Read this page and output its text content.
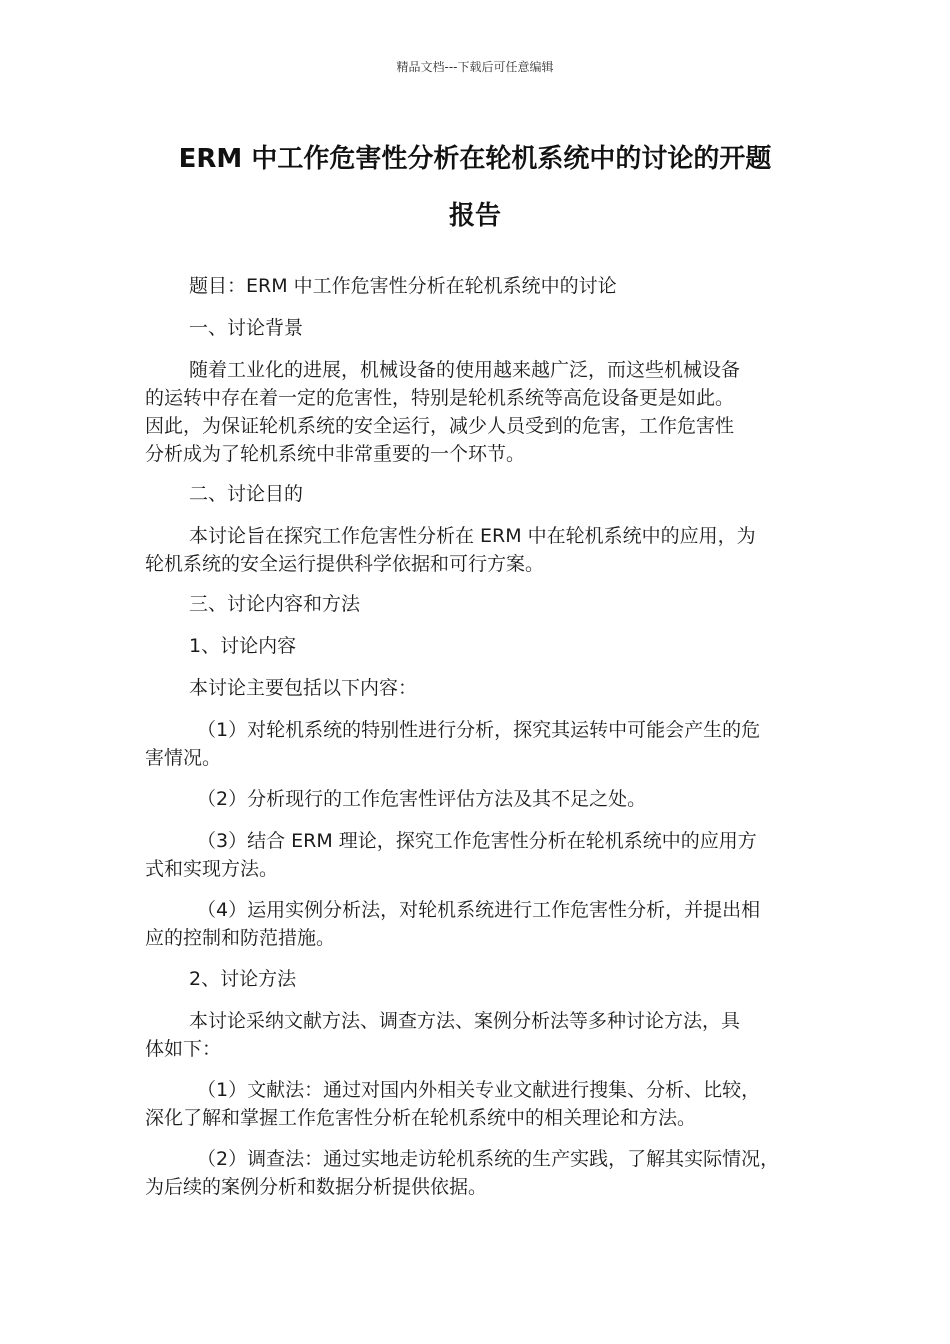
精品文档---下载后可任意编辑
ERM 中工作危害性分析在轮机系统中的讨论的开题
报告
题目：ERM 中工作危害性分析在轮机系统中的讨论
一、讨论背景
随着工业化的进展，机械设备的使用越来越广泛，而这些机械设备
的运转中存在着一定的危害性，特别是轮机系统等高危设备更是如此。
因此，为保证轮机系统的安全运行，减少人员受到的危害，工作危害性
分析成为了轮机系统中非常重要的一个环节。
二、讨论目的
本讨论旨在探究工作危害性分析在 ERM 中在轮机系统中的应用，为
轮机系统的安全运行提供科学依据和可行方案。
三、讨论内容和方法
1、讨论内容
本讨论主要包括以下内容：
（1）对轮机系统的特别性进行分析，探究其运转中可能会产生的危
害情况。
（2）分析现行的工作危害性评估方法及其不足之处。
（3）结合 ERM 理论，探究工作危害性分析在轮机系统中的应用方
式和实现方法。
（4）运用实例分析法，对轮机系统进行工作危害性分析，并提出相
应的控制和防范措施。
2、讨论方法
本讨论采纳文献方法、调查方法、案例分析法等多种讨论方法，具
体如下：
（1）文献法：通过对国内外相关专业文献进行搜集、分析、比较，
深化了解和掌握工作危害性分析在轮机系统中的相关理论和方法。
（2）调查法：通过实地走访轮机系统的生产实践，了解其实际情况，
为后续的案例分析和数据分析提供依据。
